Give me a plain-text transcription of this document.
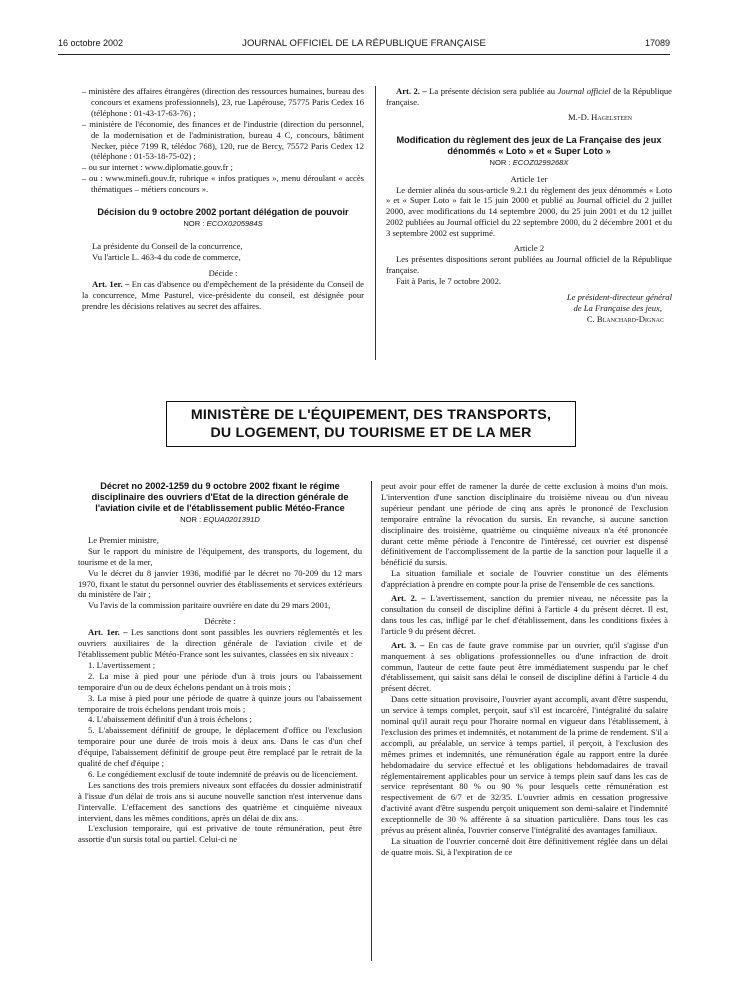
16 octobre 2002	JOURNAL OFFICIEL DE LA RÉPUBLIQUE FRANÇAISE	17089

– ministère des affaires étrangères (direction des ressources humaines, bureau des concours et examens professionnels), 23, rue Lapérouse, 75775 Paris Cedex 16 (téléphone : 01-43-17-63-76) ;

– ministère de l'économie, des finances et de l'industrie (direction du personnel, de la modernisation et de l'administration, bureau 4 C, concours, bâtiment Necker, pièce 7199 R, télédoc 768), 120, rue de Bercy, 75572 Paris Cedex 12 (téléphone : 01-53-18-75-02) ;

– ou sur internet : www.diplomatie.gouv.fr ;

– ou : www.minefi.gouv.fr, rubrique « infos pratiques », menu déroulant « accès thématiques – métiers concours ».

Décision du 9 octobre 2002 portant délégation de pouvoir

NOR : ECOX0205984S

La présidente du Conseil de la concurrence,

Vu l'article L. 463-4 du code de commerce,

Décide :

Art. 1er. – En cas d'absence ou d'empêchement de la présidente du Conseil de la concurrence, Mme Pasturel, vice-présidente du conseil, est désignée pour prendre les décisions relatives au secret des affaires.

Art. 2. – La présente décision sera publiée au Journal officiel de la République française.

M.-D. Hagelsteen

Modification du règlement des jeux de La Française des jeux dénommés « Loto » et « Super Loto »

NOR : ECOZ0299268X

Article 1er

Le dernier alinéa du sous-article 9.2.1 du règlement des jeux dénommés « Loto » et « Super Loto » fait le 15 juin 2000 et publié au Journal officiel du 2 juillet 2000, avec modifications du 14 septembre 2000, du 25 juin 2001 et du 12 juillet 2002 publiées au Journal officiel du 22 septembre 2000, du 2 décembre 2001 et du 3 septembre 2002 est supprimé.

Article 2

Les présentes dispositions seront publiées au Journal officiel de la République française.

Fait à Paris, le 7 octobre 2002.

Le président-directeur général

de La Française des jeux,

C. Blanchard-Dignac

MINISTÈRE DE L'ÉQUIPEMENT, DES TRANSPORTS,
DU LOGEMENT, DU TOURISME ET DE LA MER

Décret no 2002-1259 du 9 octobre 2002 fixant le régime disciplinaire des ouvriers d'Etat de la direction générale de l'aviation civile et de l'établissement public Météo-France

NOR : EQUA0201391D

Le Premier ministre,

Sur le rapport du ministre de l'équipement, des transports, du logement, du tourisme et de la mer,

Vu le décret du 8 janvier 1936, modifié par le décret no 70-209 du 12 mars 1970, fixant le statut du personnel ouvrier des établissements et services extérieurs du ministère de l'air ;

Vu l'avis de la commission paritaire ouvrière en date du 29 mars 2001,

Décrète :

Art. 1er. – Les sanctions dont sont passibles les ouvriers réglementés et les ouvriers auxiliaires de la direction générale de l'aviation civile et de l'établissement public Météo-France sont les suivantes, classées en six niveaux :

1. L'avertissement ;

2. La mise à pied pour une période d'un à trois jours ou l'abaissement temporaire d'un ou de deux échelons pendant un à trois mois ;

3. La mise à pied pour une période de quatre à quinze jours ou l'abaissement temporaire de trois échelons pendant trois mois ;

4. L'abaissement définitif d'un à trois échelons ;

5. L'abaissement définitif de groupe, le déplacement d'office ou l'exclusion temporaire pour une durée de trois mois à deux ans. Dans le cas d'un chef d'équipe, l'abaissement définitif de groupe peut être remplacé par le retrait de la qualité de chef d'équipe ;

6. Le congédiement exclusif de toute indemnité de préavis ou de licenciement.

Les sanctions des trois premiers niveaux sont effacées du dossier administratif à l'issue d'un délai de trois ans si aucune nouvelle sanction n'est intervenue dans l'intervalle. L'effacement des sanctions des quatrième et cinquième niveaux intervient, dans les mêmes conditions, après un délai de dix ans.

L'exclusion temporaire, qui est privative de toute rémunération, peut être assortie d'un sursis total ou partiel. Celui-ci ne

peut avoir pour effet de ramener la durée de cette exclusion à moins d'un mois. L'intervention d'une sanction disciplinaire du troisième niveau ou d'un niveau supérieur pendant une période de cinq ans après le prononcé de l'exclusion temporaire entraîne la révocation du sursis. En revanche, si aucune sanction disciplinaire des troisième, quatrième ou cinquième niveaux n'a été prononcée durant cette même période à l'encontre de l'intéressé, cet ouvrier est dispensé définitivement de l'accomplissement de la partie de la sanction pour laquelle il a bénéficié du sursis.

La situation familiale et sociale de l'ouvrier constitue un des éléments d'appréciation à prendre en compte pour la prise de l'ensemble de ces sanctions.

Art. 2. – L'avertissement, sanction du premier niveau, ne nécessite pas la consultation du conseil de discipline défini à l'article 4 du présent décret. Il est, dans tous les cas, infligé par le chef d'établissement, dans les conditions fixées à l'article 9 du présent décret.

Art. 3. – En cas de faute grave commise par un ouvrier, qu'il s'agisse d'un manquement à ses obligations professionnelles ou d'une infraction de droit commun, l'auteur de cette faute peut être immédiatement suspendu par le chef d'établissement, qui saisit sans délai le conseil de discipline défini à l'article 4 du présent décret.

Dans cette situation provisoire, l'ouvrier ayant accompli, avant d'être suspendu, un service à temps complet, perçoit, sauf s'il est incarcéré, l'intégralité du salaire nominal qu'il aurait reçu pour l'horaire normal en vigueur dans l'établissement, à l'exclusion des primes et indemnités, et notamment de la prime de rendement. S'il a accompli, au préalable, un service à temps partiel, il perçoit, à l'exclusion des mêmes primes et indemnités, une rémunération égale au rapport entre la durée hebdomadaire du service effectué et les obligations hebdomadaires de travail réglementairement applicables pour un service à temps plein sauf dans les cas de service représentant 80 % ou 90 % pour lesquels cette rémunération est respectivement de 6/7 et de 32/35. L'ouvrier admis en cessation progressive d'activité avant d'être suspendu perçoit uniquement son demi-salaire et l'indemnité exceptionnelle de 30 % afférente à sa situation particulière. Dans tous les cas prévus au présent alinéa, l'ouvrier conserve l'intégralité des avantages familiaux.

La situation de l'ouvrier concerné doit être définitivement réglée dans un délai de quatre mois. Si, à l'expiration de ce
